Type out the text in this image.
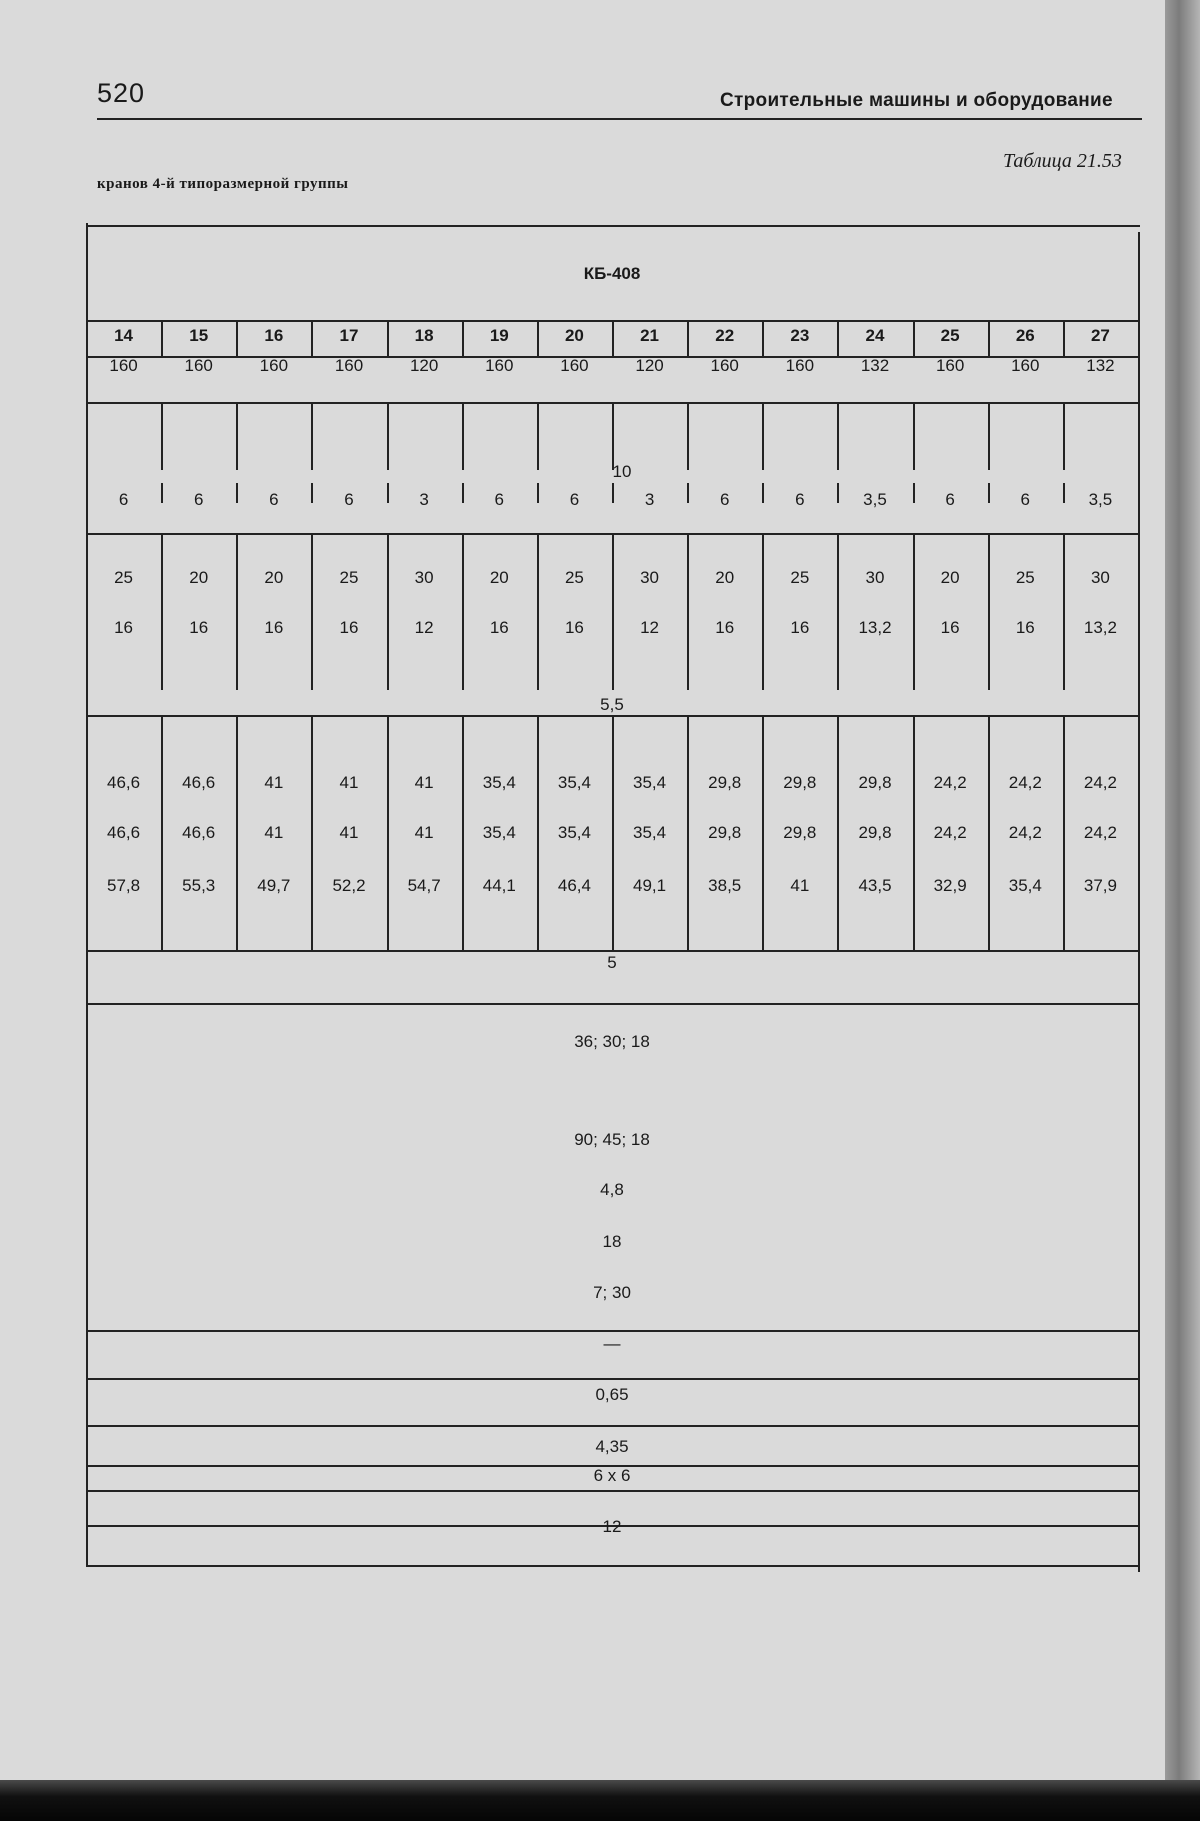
520	Строительные машины и оборудование
Таблица 21.53
кранов 4-й типоразмерной группы
КБ-408
14	15	16	17	18	19	20	21	22	23	24	25	26	27
160	160	160	160	120	160	160	120	160	160	132	160	160	132
10
6	6	6	6	3	6	6	3	6	6	3,5	6	6	3,5
25	20	20	25	30	20	25	30	20	25	30	20	25	30
16	16	16	16	12	16	16	12	16	16	13,2	16	16	13,2
5,5
46,6	46,6	41	41	41	35,4	35,4	35,4	29,8	29,8	29,8	24,2	24,2	24,2
46,6	46,6	41	41	41	35,4	35,4	35,4	29,8	29,8	29,8	24,2	24,2	24,2
57,8	55,3	49,7	52,2	54,7	44,1	46,4	49,1	38,5	41	43,5	32,9	35,4	37,9
5
36; 30; 18
90; 45; 18
4,8
18
7; 30
—
0,65
4,35
6 x 6
12
